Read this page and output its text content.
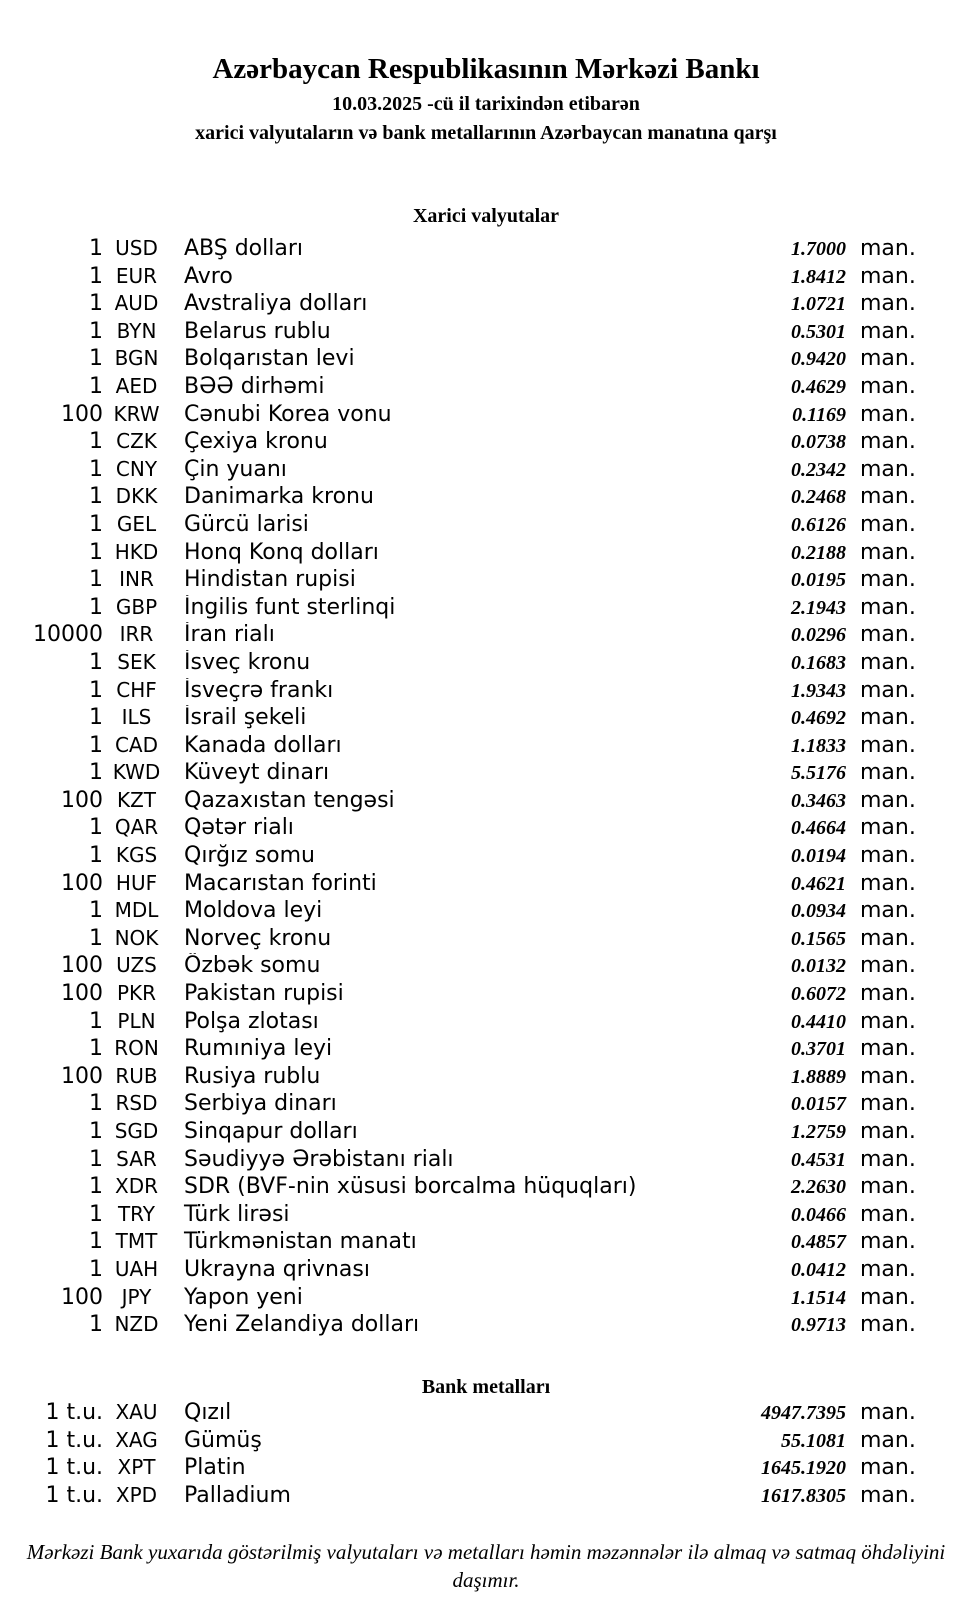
Azərbaycan Respublikasının Mərkəzi Bankı
10.03.2025 -cü il tarixindən etibarən
xarici valyutaların və bank metallarının Azərbaycan manatına qarşı
Xarici valyutalar
1 USD	ABŞ dolları	1.7000 man.
1 EUR	Avro	1.8412 man.
1 AUD	Avstraliya dolları	1.0721 man.
1 BYN	Belarus rublu	0.5301 man.
1 BGN	Bolqarıstan levi	0.9420 man.
1 AED	BƏƏ dirhəmi	0.4629 man.
100 KRW	Cənubi Korea vonu	0.1169 man.
1 CZK	Çexiya kronu	0.0738 man.
1 CNY	Çin yuanı	0.2342 man.
1 DKK	Danimarka kronu	0.2468 man.
1 GEL	Gürcü larisi	0.6126 man.
1 HKD	Honq Konq dolları	0.2188 man.
1 INR	Hindistan rupisi	0.0195 man.
1 GBP	İngilis funt sterlinqi	2.1943 man.
10000 IRR	İran rialı	0.0296 man.
1 SEK	İsveç kronu	0.1683 man.
1 CHF	İsveçrə frankı	1.9343 man.
1 ILS	İsrail şekeli	0.4692 man.
1 CAD	Kanada dolları	1.1833 man.
1 KWD	Küveyt dinarı	5.5176 man.
100 KZT	Qazaxıstan tengəsi	0.3463 man.
1 QAR	Qətər rialı	0.4664 man.
1 KGS	Qırğız somu	0.0194 man.
100 HUF	Macarıstan forinti	0.4621 man.
1 MDL	Moldova leyi	0.0934 man.
1 NOK	Norveç kronu	0.1565 man.
100 UZS	Özbək somu	0.0132 man.
100 PKR	Pakistan rupisi	0.6072 man.
1 PLN	Polşa zlotası	0.4410 man.
1 RON	Rumıniya leyi	0.3701 man.
100 RUB	Rusiya rublu	1.8889 man.
1 RSD	Serbiya dinarı	0.0157 man.
1 SGD	Sinqapur dolları	1.2759 man.
1 SAR	Səudiyyə Ərəbistanı rialı	0.4531 man.
1 XDR	SDR (BVF-nin xüsusi borcalma hüquqları)	2.2630 man.
1 TRY	Türk lirəsi	0.0466 man.
1 TMT	Türkmənistan manatı	0.4857 man.
1 UAH	Ukrayna qrivnası	0.0412 man.
100 JPY	Yapon yeni	1.1514 man.
1 NZD	Yeni Zelandiya dolları	0.9713 man.
Bank metalları
1 t.u. XAU	Qızıl	4947.7395 man.
1 t.u. XAG	Gümüş	55.1081 man.
1 t.u. XPT	Platin	1645.1920 man.
1 t.u. XPD	Palladium	1617.8305 man.
Mərkəzi Bank yuxarıda göstərilmiş valyutaları və metalları həmin məzənnələr ilə almaq və satmaq öhdəliyini daşımır.
